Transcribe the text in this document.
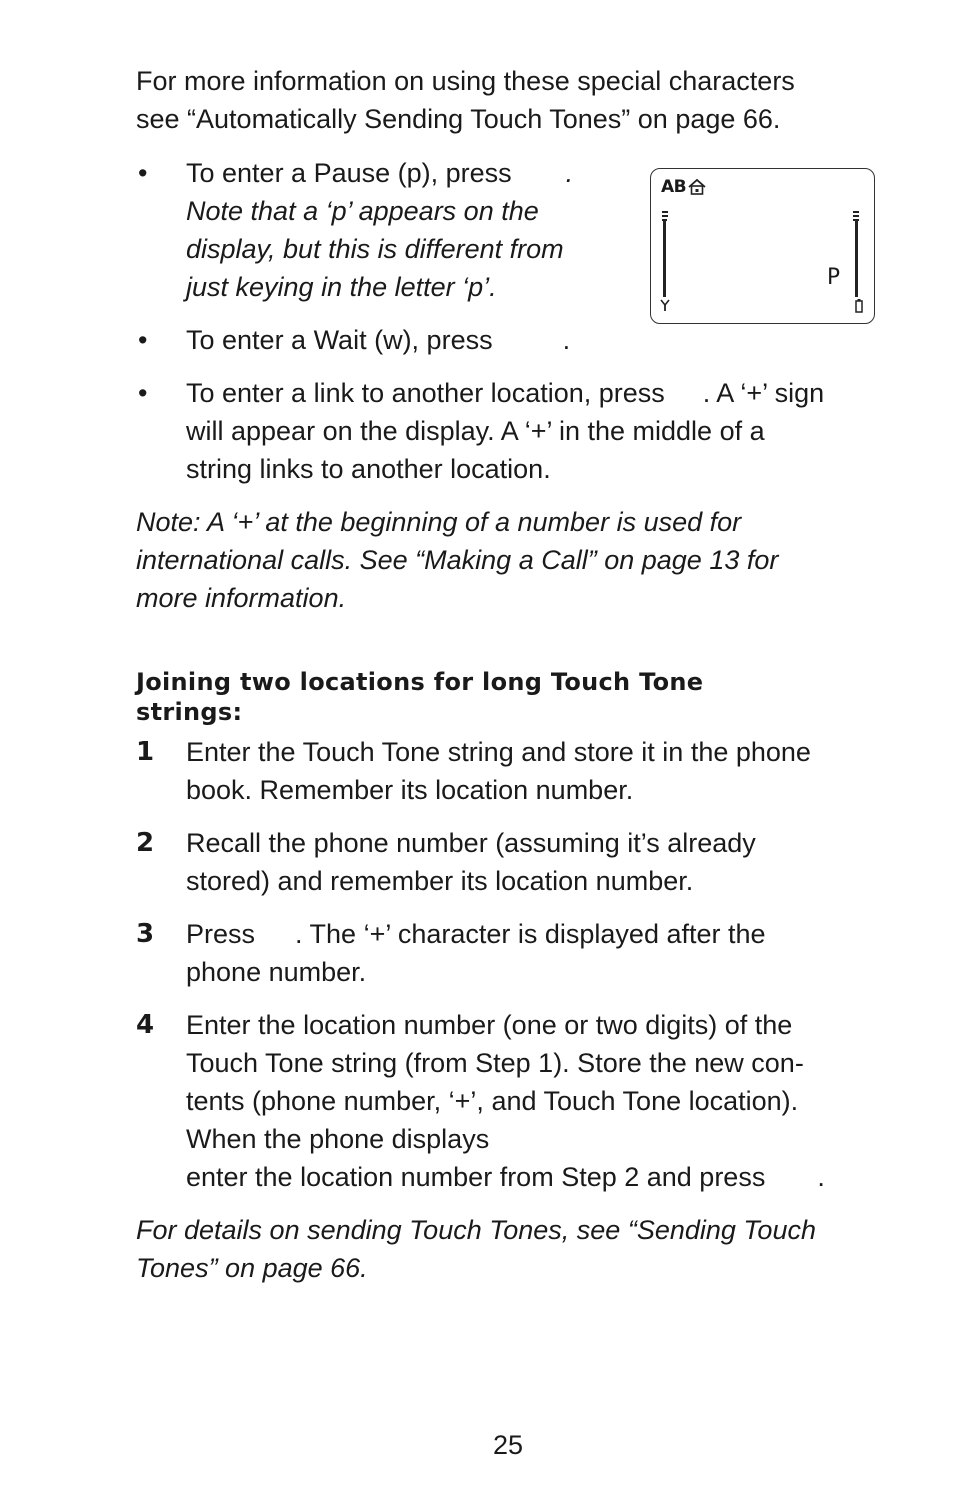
For more information on using these special characters
see “Automatically Sending Touch Tones” on page 66.

•	To enter a Pause (p), press .
Note that a ‘p’ appears on the
display, but this is different from
just keying in the letter ‘p’.
•	To enter a Wait (w), press	.
•	To enter a link to another location, press . A ‘+’ sign
will appear on the display. A ‘+’ in the middle of a
string links to another location.

Note: A ‘+’ at the beginning of a number is used for
international calls. See “Making a Call” on page 13 for
more information.

Joining two locations for long Touch Tone
strings:
1 Enter the Touch Tone string and store it in the phone
book. Remember its location number.
2 Recall the phone number (assuming it’s already
stored) and remember its location number.
3 Press . The ‘+’ character is displayed after the
phone number.
4 Enter the location number (one or two digits) of the
Touch Tone string (from Step 1). Store the new con-
tents (phone number, ‘+’, and Touch Tone location).
When the phone displays
enter the location number from Step 2 and press .

For details on sending Touch Tones, see “Sending Touch
Tones” on page 66.

AB
P
25
